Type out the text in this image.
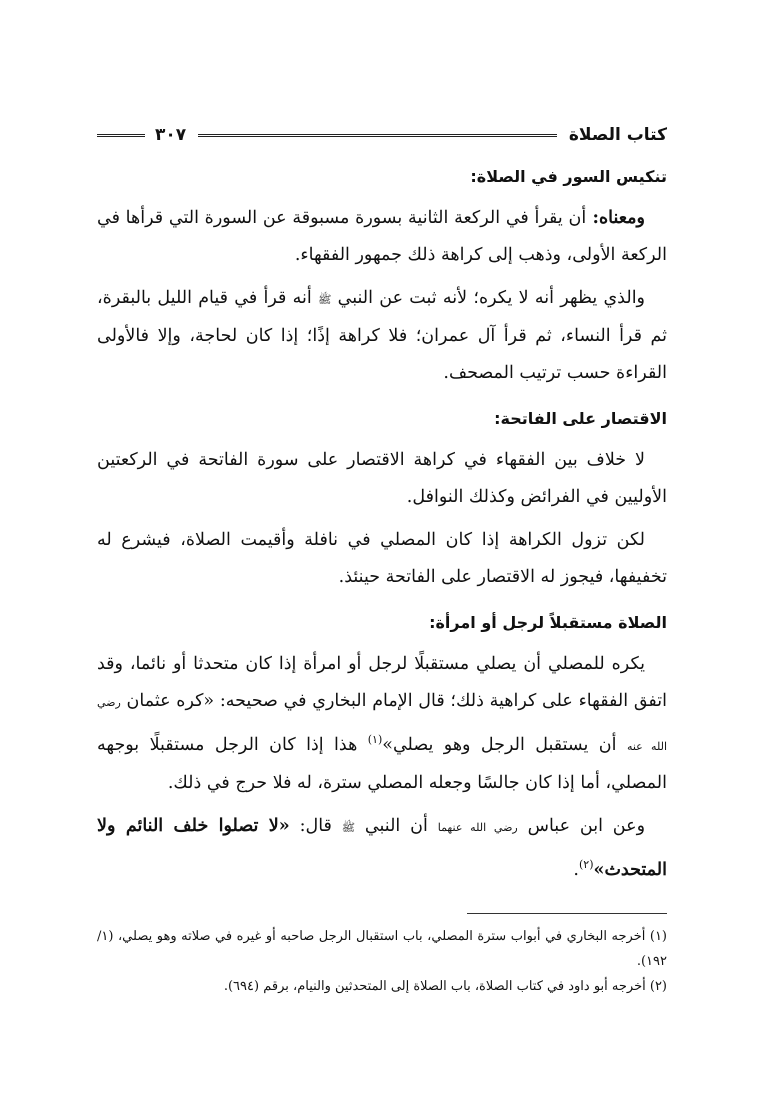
كتاب الصلاة
٣٠٧
تنكيس السور في الصلاة:

ومعناه: أن يقرأ في الركعة الثانية بسورة مسبوقة عن السورة التي قرأها في الركعة الأولى، وذهب إلى كراهة ذلك جمهور الفقهاء.

والذي يظهر أنه لا يكره؛ لأنه ثبت عن النبي ﷺ أنه قرأ في قيام الليل بالبقرة، ثم قرأ النساء، ثم قرأ آل عمران؛ فلا كراهة إذًا؛ إذا كان لحاجة، وإلا فالأولى القراءة حسب ترتيب المصحف.

الاقتصار على الفاتحة:

لا خلاف بين الفقهاء في كراهة الاقتصار على سورة الفاتحة في الركعتين الأوليين في الفرائض وكذلك النوافل.

لكن تزول الكراهة إذا كان المصلي في نافلة وأقيمت الصلاة، فيشرع له تخفيفها، فيجوز له الاقتصار على الفاتحة حينئذ.

الصلاة مستقبلاً لرجل أو امرأة:

يكره للمصلي أن يصلي مستقبلًا لرجل أو امرأة إذا كان متحدثا أو نائما، وقد اتفق الفقهاء على كراهية ذلك؛ قال الإمام البخاري في صحيحه: «كره عثمان رضي الله عنه أن يستقبل الرجل وهو يصلي»$^{(١)}$ هذا إذا كان الرجل مستقبلًا بوجهه المصلي، أما إذا كان جالسًا وجعله المصلي سترة، له فلا حرج في ذلك.

وعن ابن عباس رضي الله عنهما أن النبي ﷺ قال: «لا تصلوا خلف النائم ولا المتحدث»$^{(٢)}$.

(١) أخرجه البخاري في أبواب سترة المصلي، باب استقبال الرجل صاحبه أو غيره في صلاته وهو يصلي، (١/ ١٩٢).

(٢) أخرجه أبو داود في كتاب الصلاة، باب الصلاة إلى المتحدثين والنيام، برقم (٦٩٤).
